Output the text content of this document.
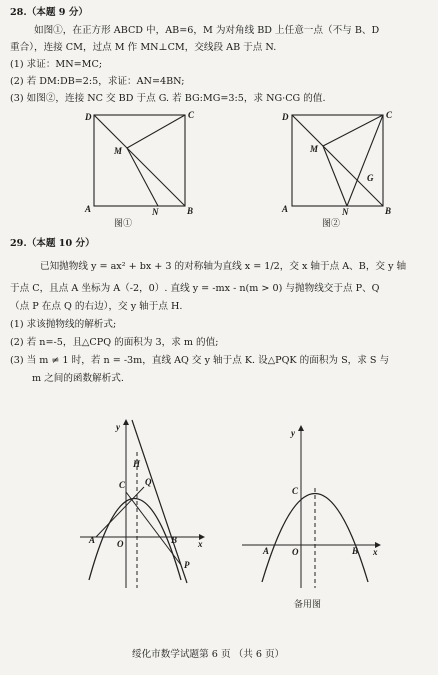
28.（本题 9 分）
如图①，在正方形 ABCD 中，AB=6，M 为对角线 BD 上任意一点（不与 B、D
重合），连接 CM，过点 M 作 MN⊥CM，交线段 AB 于点 N.
(1) 求证：MN=MC;
(2) 若 DM:DB=2:5，求证：AN=4BN;
(3) 如图②，连接 NC 交 BD 于点 G. 若 BG:MG=3:5，求 NG·CG 的值.
D	C
A	B
M
N
图①
D	C
A	B
M
N
G
图②
29.（本题 10 分）
已知抛物线 y = ax² + bx + 3 的对称轴为直线 x = 1/2，交 x 轴于点 A、B，交 y 轴
于点 C，且点 A 坐标为 A（-2，0）. 直线 y = -mx - n(m > 0) 与抛物线交于点 P、Q
（点 P 在点 Q 的右边），交 y 轴于点 H.
(1) 求该抛物线的解析式;
(2) 若 n=-5，且△CPQ 的面积为 3，求 m 的值;
(3) 当 m ≠ 1 时，若 n = -3m，直线 AQ 交 y 轴于点 K. 设△PQK 的面积为 S，求 S 与
m 之间的函数解析式.
y
x
O
A	B
C
H
Q
P
y
x
O
A	B
C
备用图
绥化市数学试题第 6 页 （共 6 页）
